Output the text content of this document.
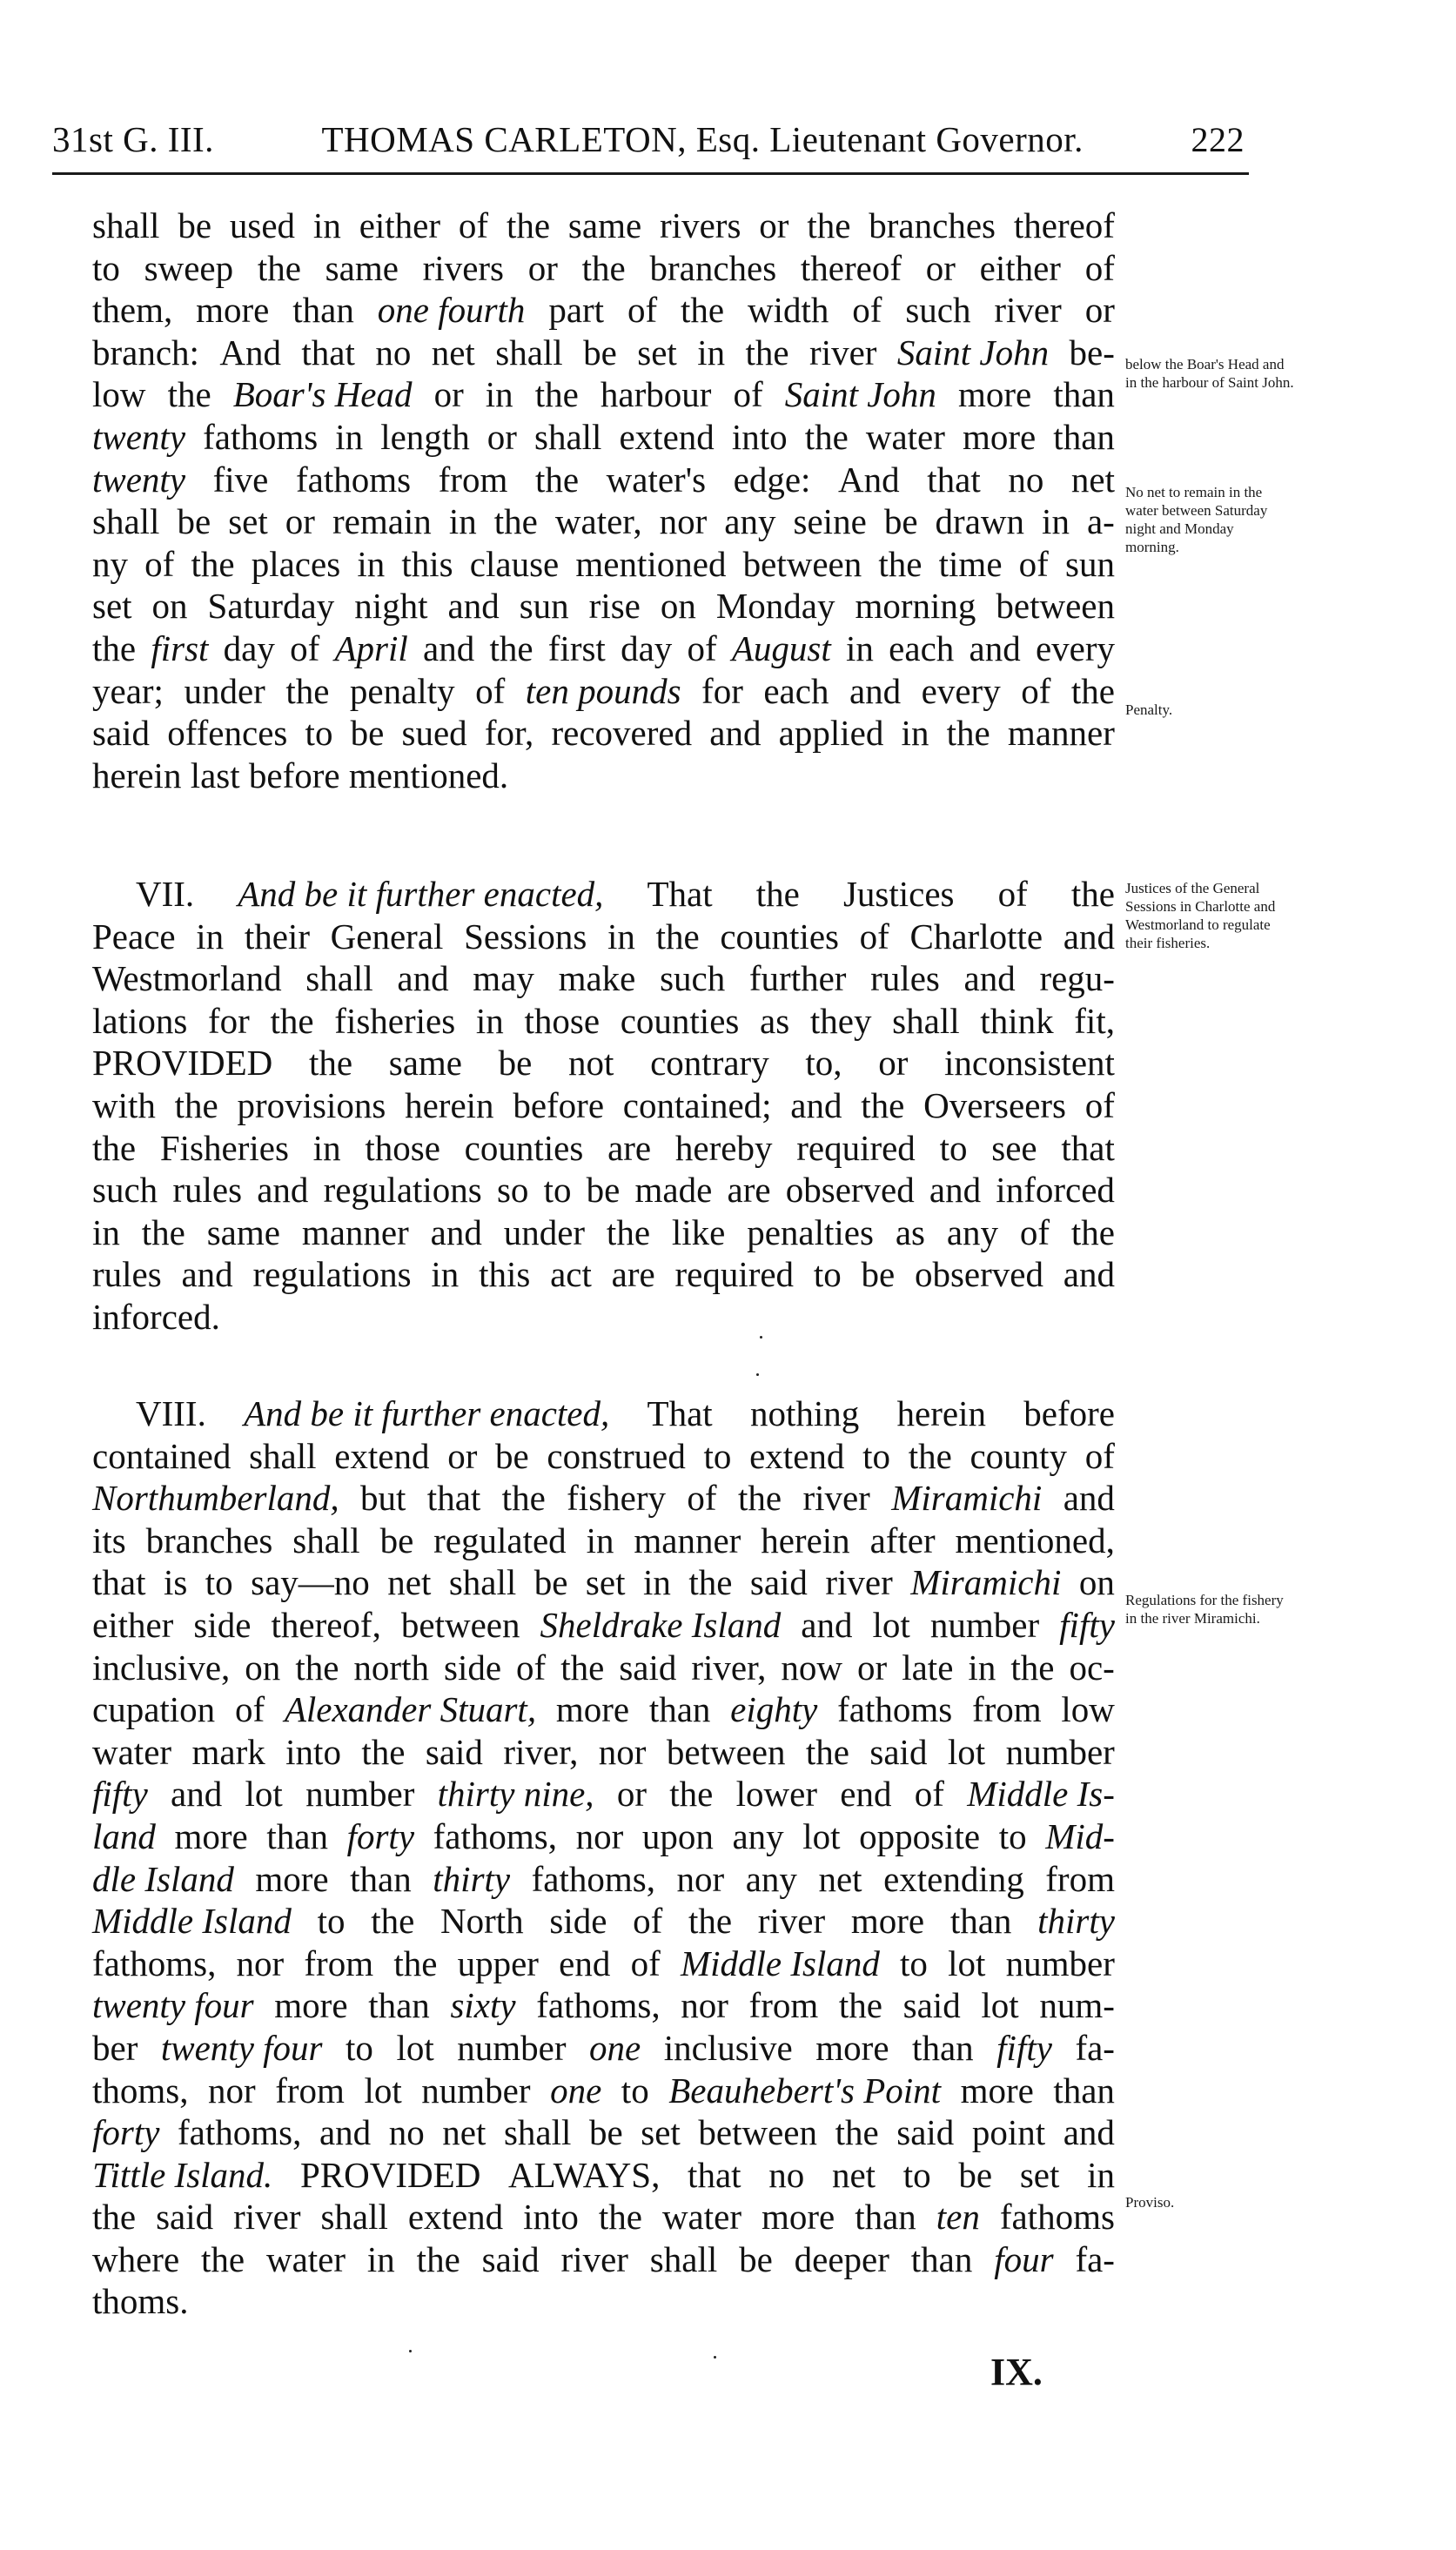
31st G. III.	THOMAS CARLETON, Esq. Lieutenant Governor.	222
shall be used in either of the same rivers or the branches thereof
to sweep the same rivers or the branches thereof or either of
them, more than one fourth part of the width of such river or
branch: And that no net shall be set in the river Saint John be-
low the Boar's Head or in the harbour of Saint John more than
twenty fathoms in length or shall extend into the water more than
twenty five fathoms from the water's edge: And that no net
shall be set or remain in the water, nor any seine be drawn in a-
ny of the places in this clause mentioned between the time of sun
set on Saturday night and sun rise on Monday morning between
the first day of April and the first day of August in each and every
year; under the penalty of ten pounds for each and every of the
said offences to be sued for, recovered and applied in the manner
herein last before mentioned.
VII. And be it further enacted, That the Justices of the
Peace in their General Sessions in the counties of Charlotte and
Westmorland shall and may make such further rules and regu-
lations for the fisheries in those counties as they shall think fit,
PROVIDED the same be not contrary to, or inconsistent
with the provisions herein before contained; and the Overseers of
the Fisheries in those counties are hereby required to see that
such rules and regulations so to be made are observed and inforced
in the same manner and under the like penalties as any of the
rules and regulations in this act are required to be observed and
inforced.
VIII. And be it further enacted, That nothing herein before
contained shall extend or be construed to extend to the county of
Northumberland, but that the fishery of the river Miramichi and
its branches shall be regulated in manner herein after mentioned,
that is to say—no net shall be set in the said river Miramichi on
either side thereof, between Sheldrake Island and lot number fifty
inclusive, on the north side of the said river, now or late in the oc-
cupation of Alexander Stuart, more than eighty fathoms from low
water mark into the said river, nor between the said lot number
fifty and lot number thirty nine, or the lower end of Middle Is-
land more than forty fathoms, nor upon any lot opposite to Mid-
dle Island more than thirty fathoms, nor any net extending from
Middle Island to the North side of the river more than thirty
fathoms, nor from the upper end of Middle Island to lot number
twenty four more than sixty fathoms, nor from the said lot num-
ber twenty four to lot number one inclusive more than fifty fa-
thoms, nor from lot number one to Beauhebert's Point more than
forty fathoms, and no net shall be set between the said point and
Tittle Island. PROVIDED ALWAYS, that no net to be set in
the said river shall extend into the water more than ten fathoms
where the water in the said river shall be deeper than four fa-
thoms.
below the Boar's Head and in the harbour of Saint John.
No net to remain in the water between Saturday night and Monday morning.
Penalty.
Justices of the General Sessions in Charlotte and Westmorland to regulate their fisheries.
Regulations for the fishery in the river Miramichi.
Proviso.
IX.
